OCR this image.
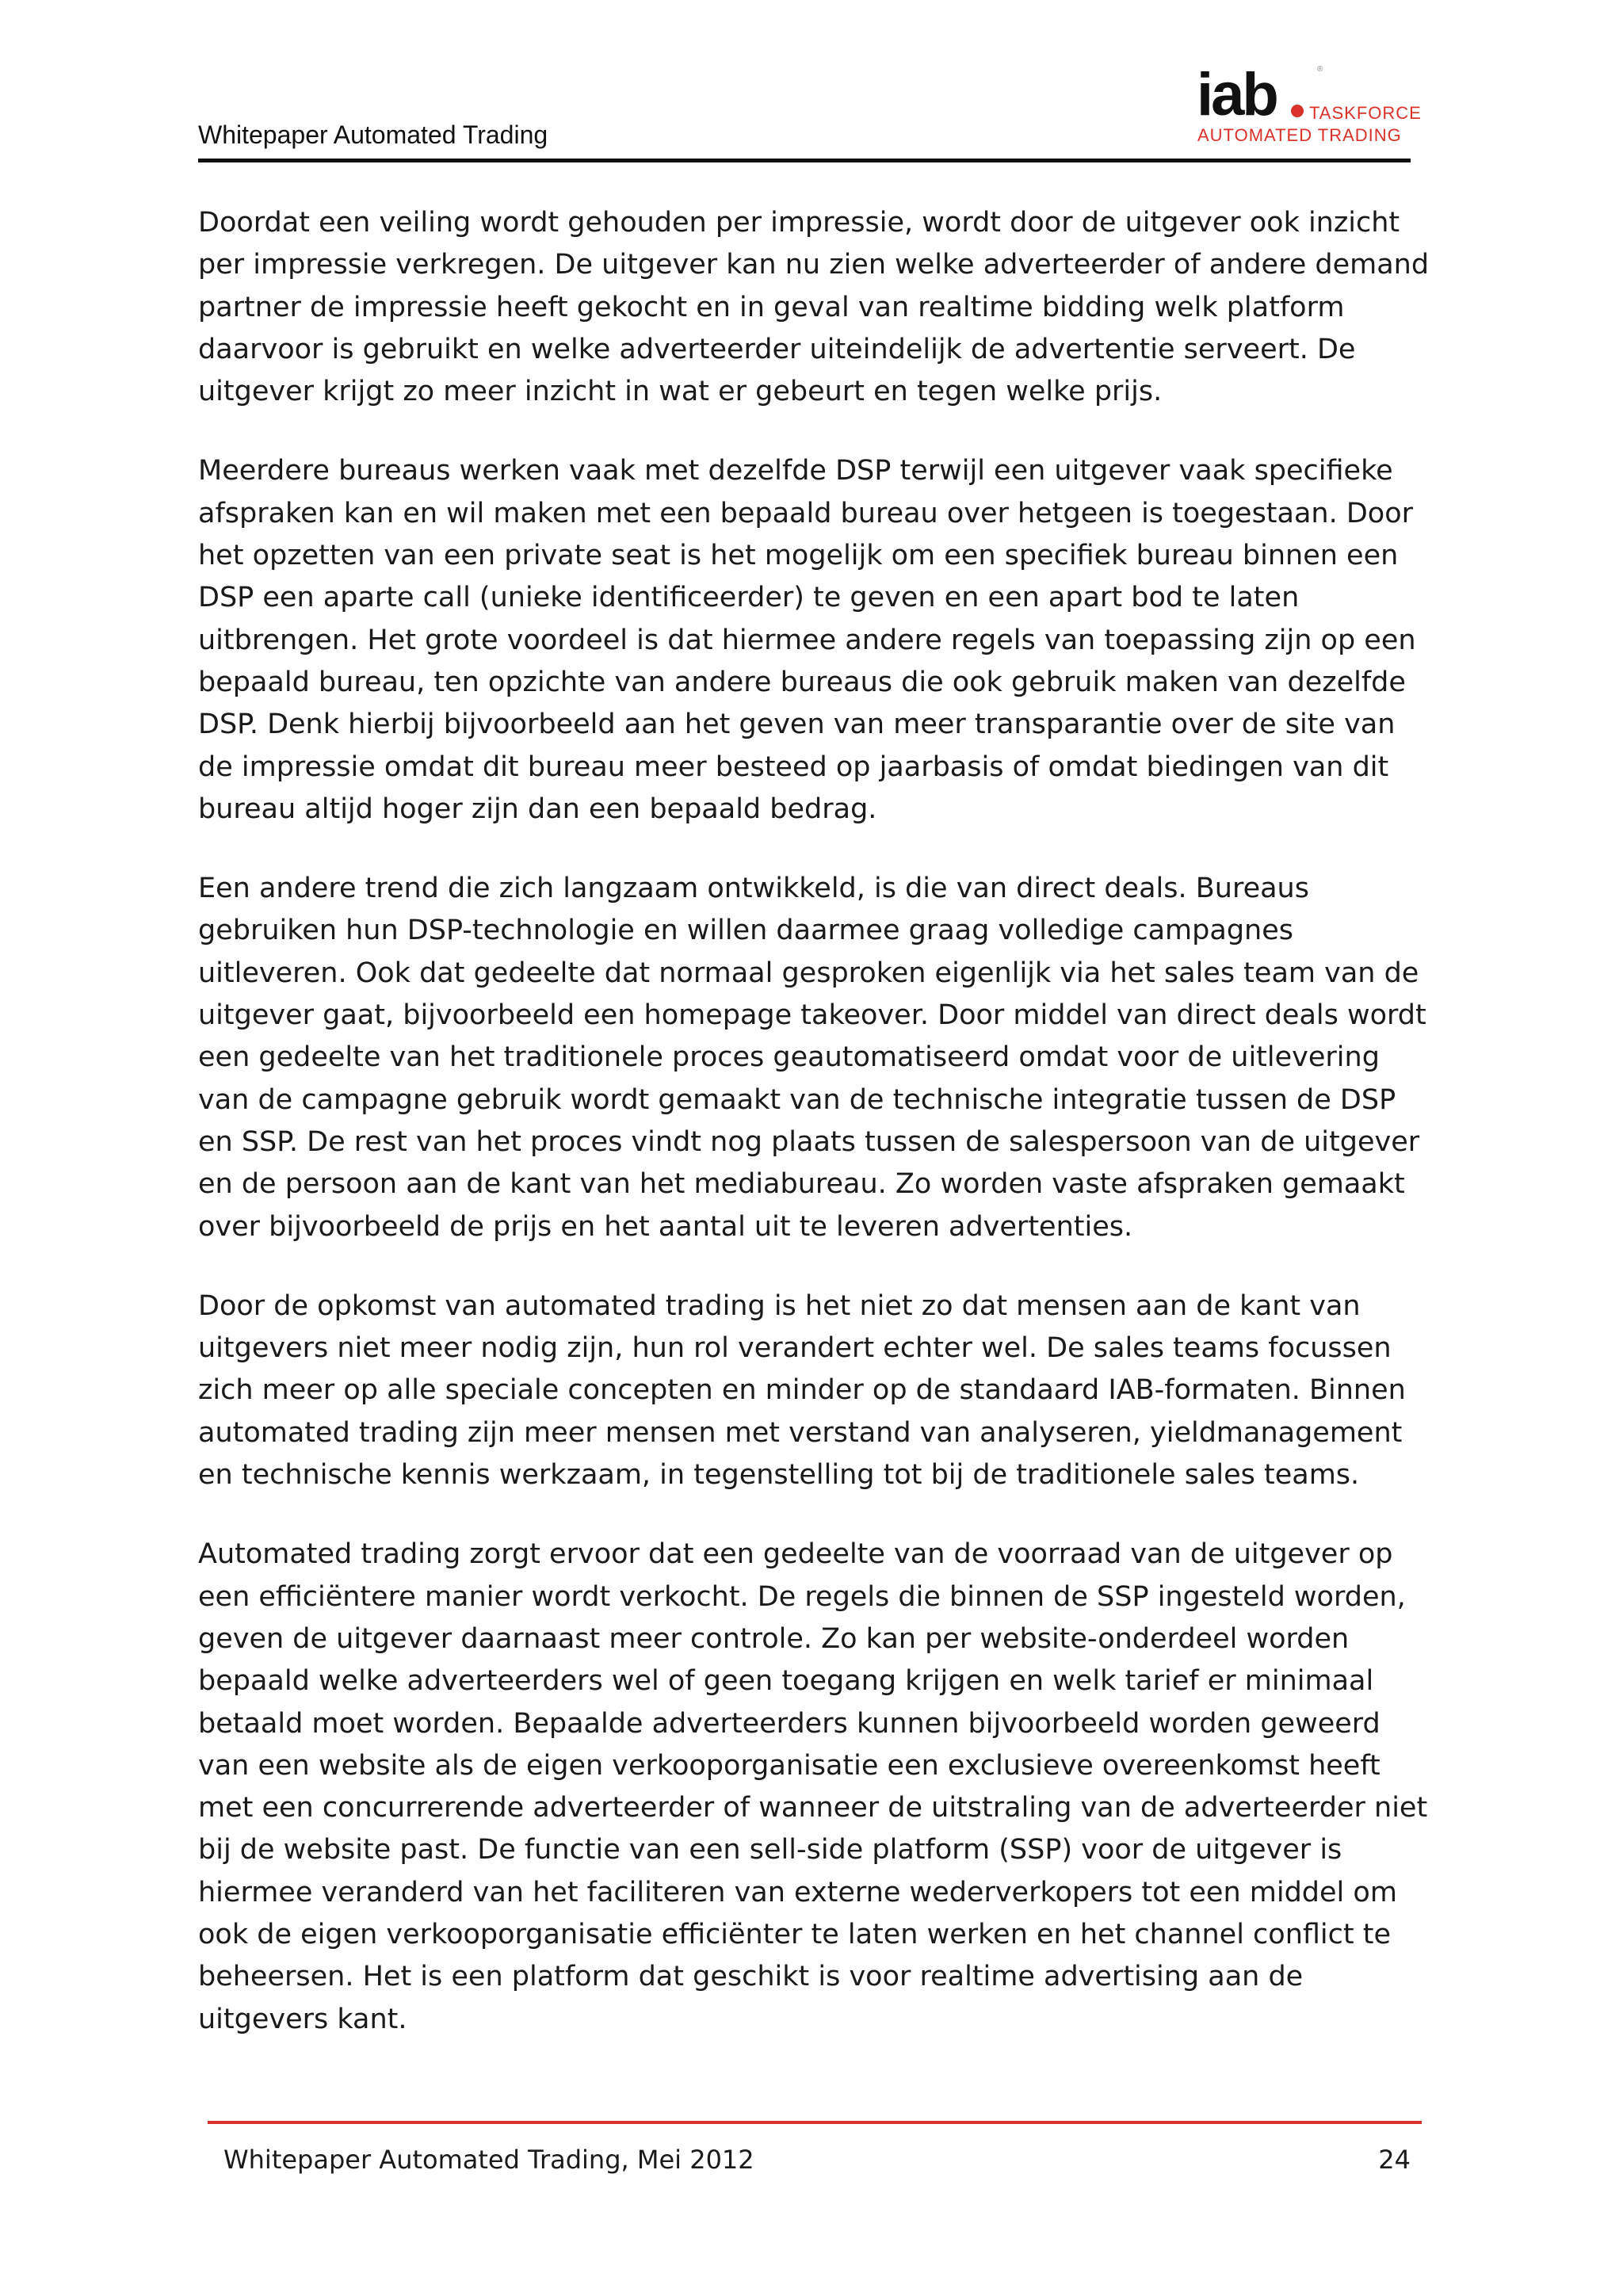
Whitepaper Automated Trading
iab	®
TASKFORCE
AUTOMATED TRADING

Doordat een veiling wordt gehouden per impressie, wordt door de uitgever ook inzicht per impressie verkregen. De uitgever kan nu zien welke adverteerder of andere demand partner de impressie heeft gekocht en in geval van realtime bidding welk platform daarvoor is gebruikt en welke adverteerder uiteindelijk de advertentie serveert. De uitgever krijgt zo meer inzicht in wat er gebeurt en tegen welke prijs.

Meerdere bureaus werken vaak met dezelfde DSP terwijl een uitgever vaak specifieke afspraken kan en wil maken met een bepaald bureau over hetgeen is toegestaan. Door het opzetten van een private seat is het mogelijk om een specifiek bureau binnen een DSP een aparte call (unieke identificeerder) te geven en een apart bod te laten uitbrengen. Het grote voordeel is dat hiermee andere regels van toepassing zijn op een bepaald bureau, ten opzichte van andere bureaus die ook gebruik maken van dezelfde DSP. Denk hierbij bijvoorbeeld aan het geven van meer transparantie over de site van de impressie omdat dit bureau meer besteed op jaarbasis of omdat biedingen van dit bureau altijd hoger zijn dan een bepaald bedrag.

Een andere trend die zich langzaam ontwikkeld, is die van direct deals. Bureaus gebruiken hun DSP-technologie en willen daarmee graag volledige campagnes uitleveren. Ook dat gedeelte dat normaal gesproken eigenlijk via het sales team van de uitgever gaat, bijvoorbeeld een homepage takeover. Door middel van direct deals wordt een gedeelte van het traditionele proces geautomatiseerd omdat voor de uitlevering van de campagne gebruik wordt gemaakt van de technische integratie tussen de DSP en SSP. De rest van het proces vindt nog plaats tussen de salespersoon van de uitgever en de persoon aan de kant van het mediabureau. Zo worden vaste afspraken gemaakt over bijvoorbeeld de prijs en het aantal uit te leveren advertenties.

Door de opkomst van automated trading is het niet zo dat mensen aan de kant van uitgevers niet meer nodig zijn, hun rol verandert echter wel. De sales teams focussen zich meer op alle speciale concepten en minder op de standaard IAB-formaten. Binnen automated trading zijn meer mensen met verstand van analyseren, yieldmanagement en technische kennis werkzaam, in tegenstelling tot bij de traditionele sales teams.

Automated trading zorgt ervoor dat een gedeelte van de voorraad van de uitgever op een efficiëntere manier wordt verkocht. De regels die binnen de SSP ingesteld worden, geven de uitgever daarnaast meer controle. Zo kan per website-onderdeel worden bepaald welke adverteerders wel of geen toegang krijgen en welk tarief er minimaal betaald moet worden. Bepaalde adverteerders kunnen bijvoorbeeld worden geweerd van een website als de eigen verkooporganisatie een exclusieve overeenkomst heeft met een concurrerende adverteerder of wanneer de uitstraling van de adverteerder niet bij de website past. De functie van een sell-side platform (SSP) voor de uitgever is hiermee veranderd van het faciliteren van externe wederverkopers tot een middel om ook de eigen verkooporganisatie efficiënter te laten werken en het channel conflict te beheersen. Het is een platform dat geschikt is voor realtime advertising aan de uitgevers kant.

Whitepaper Automated Trading, Mei 2012	24
